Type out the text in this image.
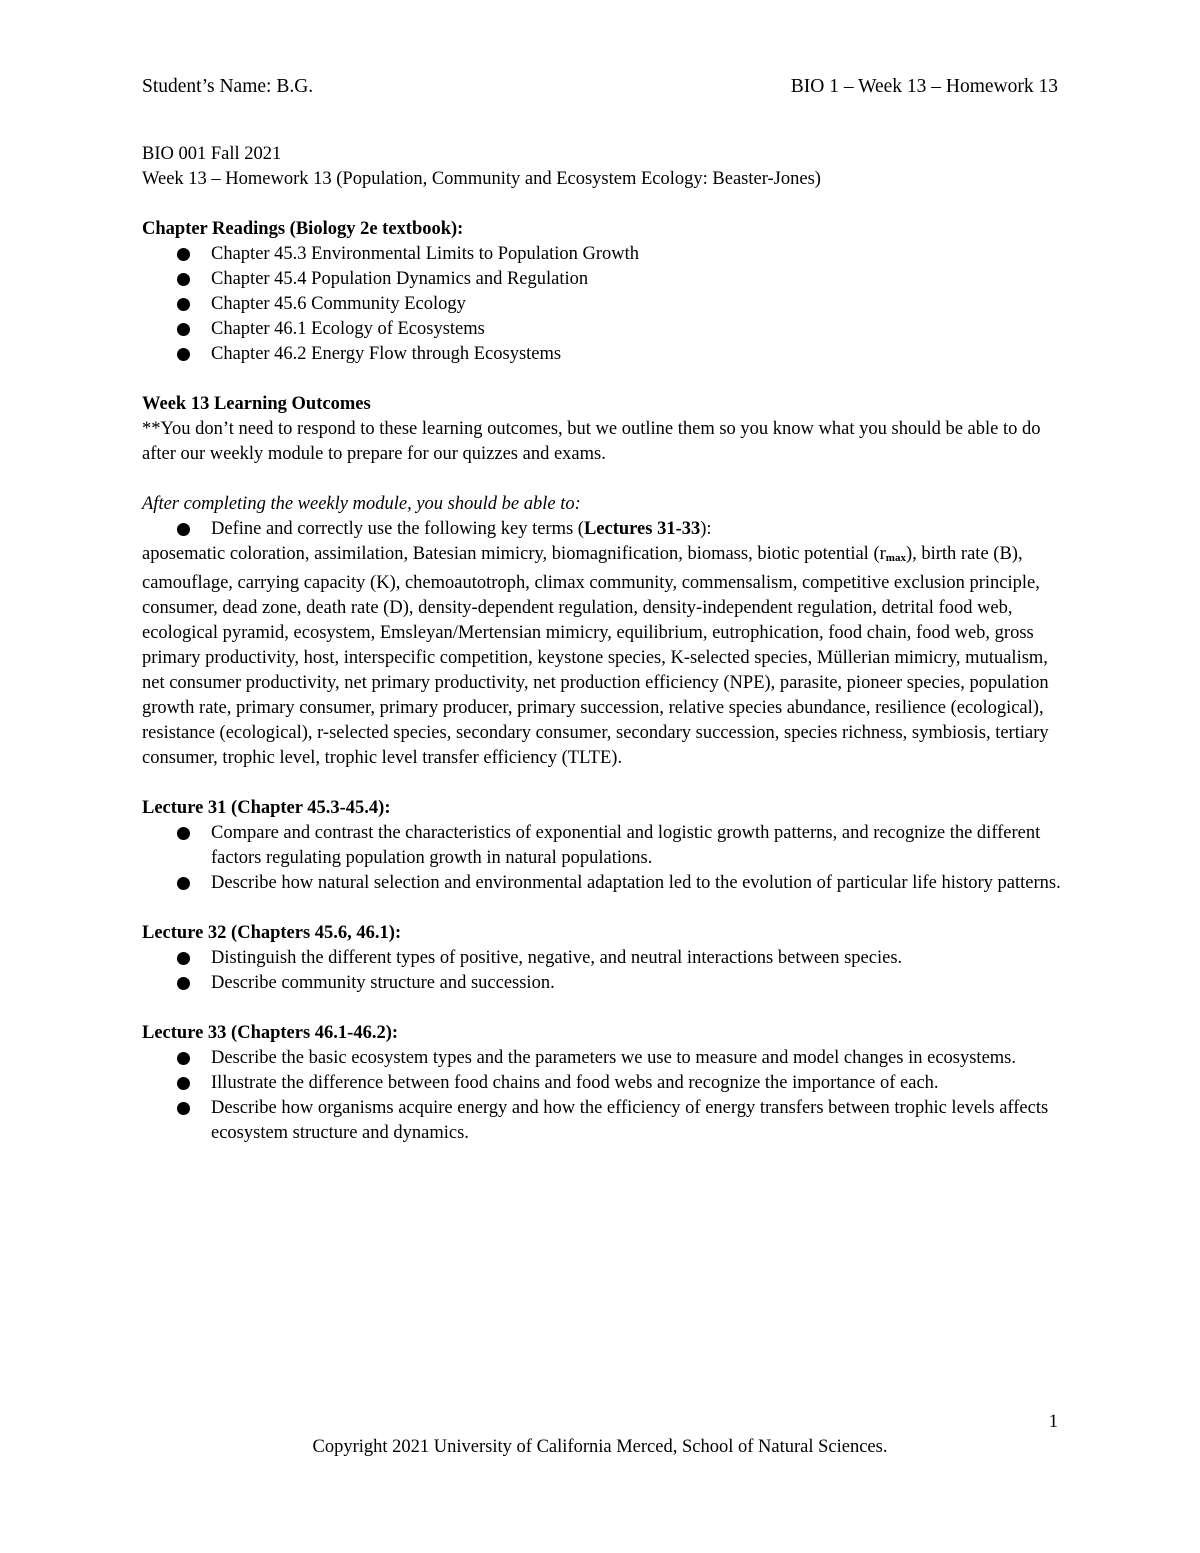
Student’s Name: B.G.	BIO 1 – Week 13 – Homework 13

BIO 001 Fall 2021

Week 13 – Homework 13 (Population, Community and Ecosystem Ecology: Beaster-Jones)

Chapter Readings (Biology 2e textbook):

Chapter 45.3 Environmental Limits to Population Growth
Chapter 45.4 Population Dynamics and Regulation
Chapter 45.6 Community Ecology
Chapter 46.1 Ecology of Ecosystems
Chapter 46.2 Energy Flow through Ecosystems

Week 13 Learning Outcomes

**You don’t need to respond to these learning outcomes, but we outline them so you know what you should be able to do after our weekly module to prepare for our quizzes and exams.

After completing the weekly module, you should be able to:

Define and correctly use the following key terms (Lectures 31-33):

aposematic coloration, assimilation, Batesian mimicry, biomagnification, biomass, biotic potential (rmax), birth rate (B), camouflage, carrying capacity (K), chemoautotroph, climax community, commensalism, competitive exclusion principle, consumer, dead zone, death rate (D), density-dependent regulation, density-independent regulation, detrital food web, ecological pyramid, ecosystem, Emsleyan/Mertensian mimicry, equilibrium, eutrophication, food chain, food web, gross primary productivity, host, interspecific competition, keystone species, K-selected species, Müllerian mimicry, mutualism, net consumer productivity, net primary productivity, net production efficiency (NPE), parasite, pioneer species, population growth rate, primary consumer, primary producer, primary succession, relative species abundance, resilience (ecological), resistance (ecological), r-selected species, secondary consumer, secondary succession, species richness, symbiosis, tertiary consumer, trophic level, trophic level transfer efficiency (TLTE).

Lecture 31 (Chapter 45.3-45.4):

Compare and contrast the characteristics of exponential and logistic growth patterns, and recognize the different factors regulating population growth in natural populations.
Describe how natural selection and environmental adaptation led to the evolution of particular life history patterns.

Lecture 32 (Chapters 45.6, 46.1):

Distinguish the different types of positive, negative, and neutral interactions between species.
Describe community structure and succession.

Lecture 33 (Chapters 46.1-46.2):

Describe the basic ecosystem types and the parameters we use to measure and model changes in ecosystems.
Illustrate the difference between food chains and food webs and recognize the importance of each.
Describe how organisms acquire energy and how the efficiency of energy transfers between trophic levels affects ecosystem structure and dynamics.
1
Copyright 2021 University of California Merced, School of Natural Sciences.
